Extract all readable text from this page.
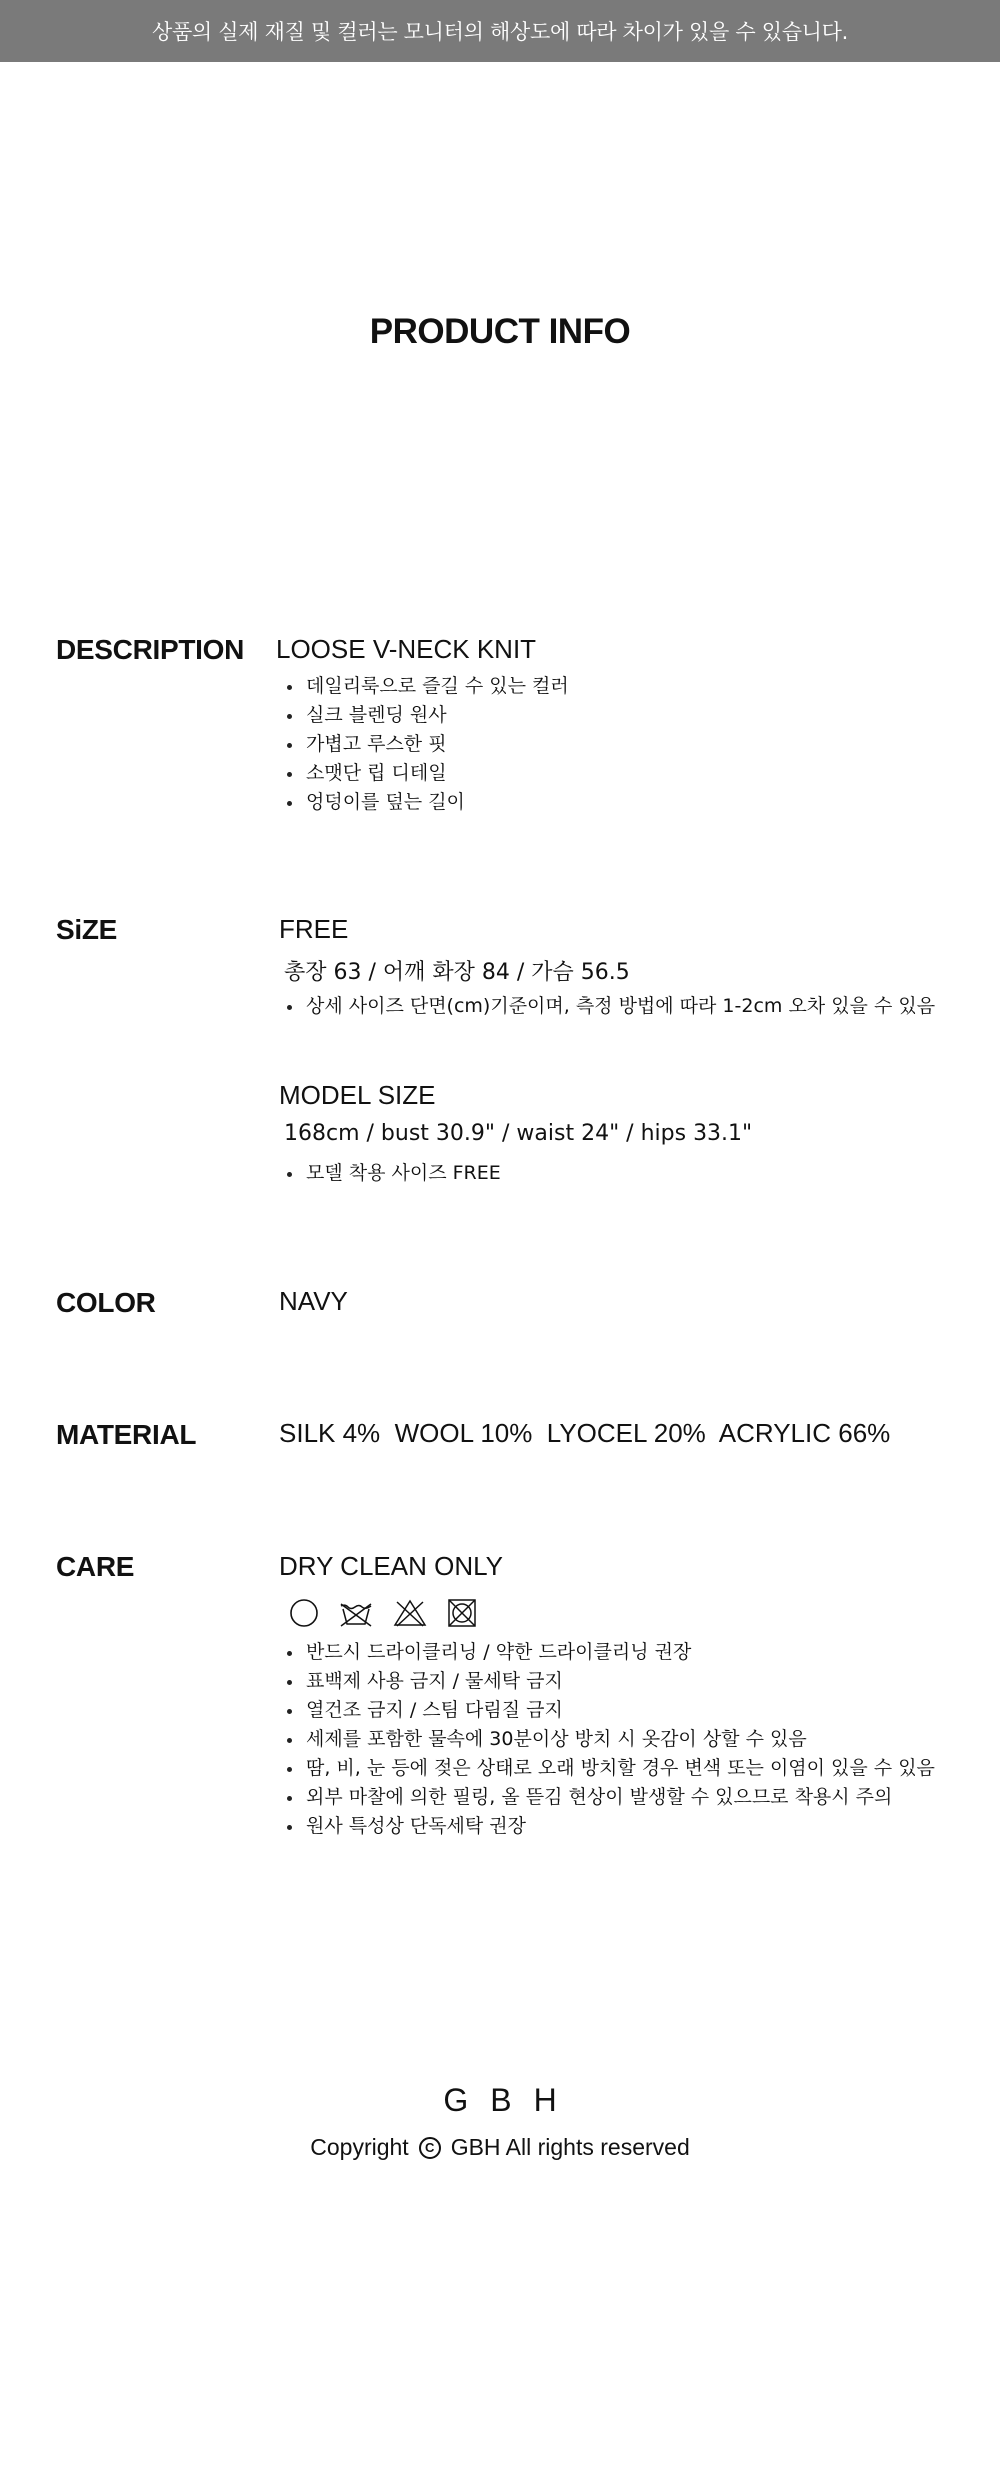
상품의 실제 재질 및 컬러는 모니터의 해상도에 따라 차이가 있을 수 있습니다.
PRODUCT INFO
DESCRIPTION LOOSE V-NECK KNIT
데일리룩으로 즐길 수 있는 컬러
실크 블렌딩 원사
가볍고 루스한 핏
소맷단 립 디테일
엉덩이를 덮는 길이
SiZE	FREE
총장 63 / 어깨 화장 84 / 가슴 56.5
상세 사이즈 단면(cm)기준이며, 측정 방법에 따라 1-2cm 오차 있을 수 있음
MODEL SIZE
168cm / bust 30.9" / waist 24" / hips 33.1"
모델 착용 사이즈 FREE
COLOR	NAVY
MATERIAL	SILK 4%  WOOL 10%  LYOCEL 20%  ACRYLIC 66%
CARE	DRY CLEAN ONLY
반드시 드라이클리닝 / 약한 드라이클리닝 권장
표백제 사용 금지 / 물세탁 금지
열건조 금지 / 스팀 다림질 금지
세제를 포함한 물속에 30분이상 방치 시 옷감이 상할 수 있음
땀, 비, 눈 등에 젖은 상태로 오래 방치할 경우 변색 또는 이염이 있을 수 있음
외부 마찰에 의한 필링, 올 뜯김 현상이 발생할 수 있으므로 착용시 주의
원사 특성상 단독세탁 권장
GBH
Copyright	C GBH All rights reserved
